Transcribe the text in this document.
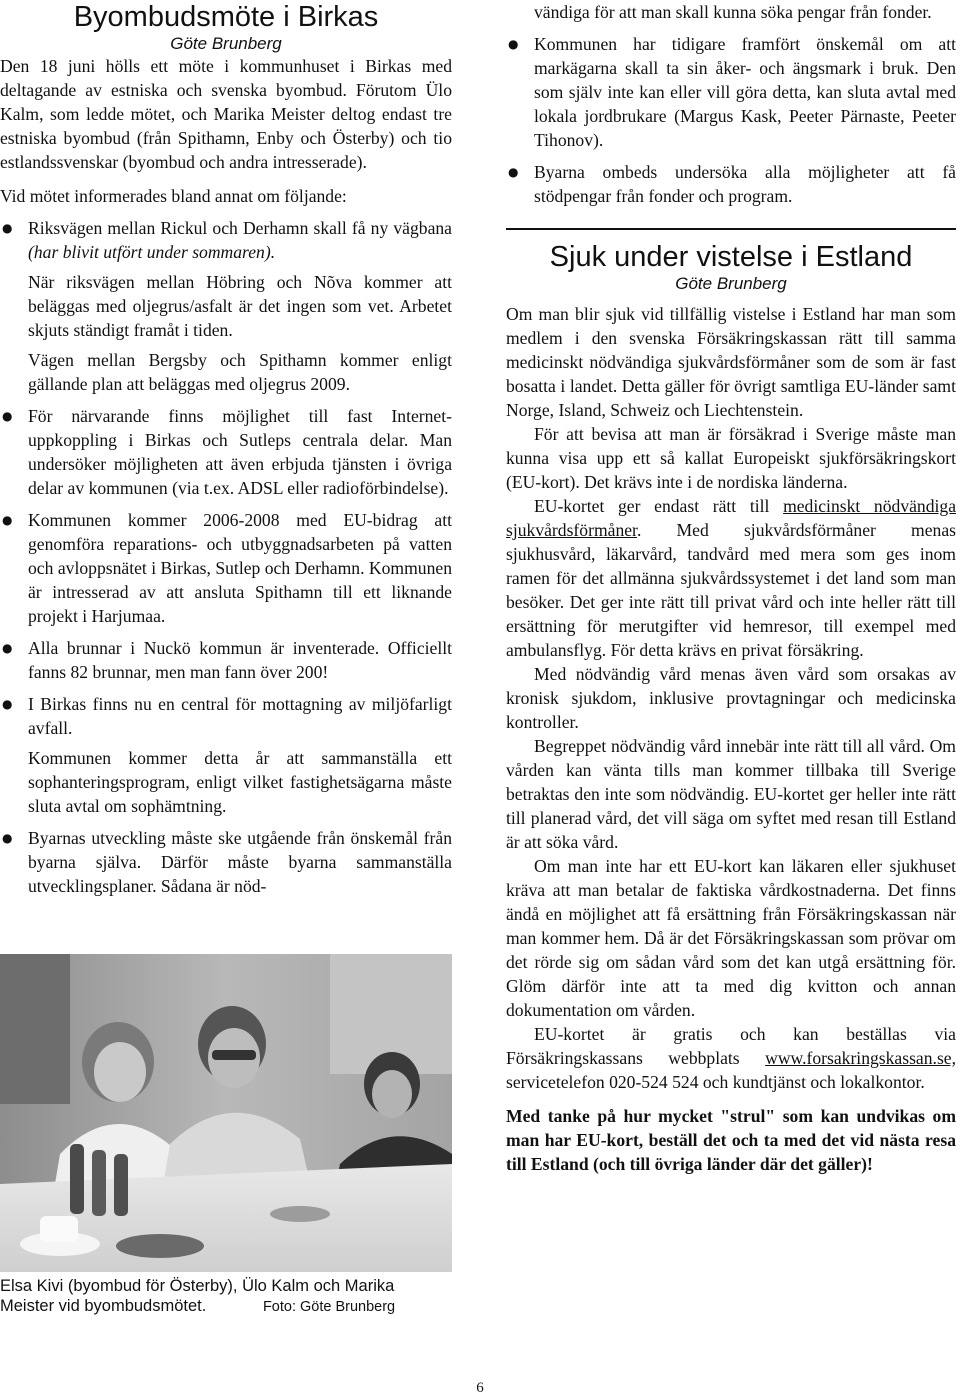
Byombudsmöte i Birkas

Göte Brunberg

Den 18 juni hölls ett möte i kommunhuset i Birkas med deltagande av estniska och svenska byombud. Förutom Ülo Kalm, som ledde mötet, och Marika Meister deltog endast tre estniska byombud (från Spithamn, Enby och Österby) och tio estlandssvenskar (byombud och andra intresserade).

Vid mötet informerades bland annat om följande:

● Riksvägen mellan Rickul och Derhamn skall få ny vägbana (har blivit utfört under sommaren).

När riksvägen mellan Höbring och Nõva kommer att beläggas med oljegrus/asfalt är det ingen som vet. Arbetet skjuts ständigt framåt i tiden.

Vägen mellan Bergsby och Spithamn kommer enligt gällande plan att beläggas med oljegrus 2009.

● För närvarande finns möjlighet till fast Internet-uppkoppling i Birkas och Sutleps centrala delar. Man undersöker möjligheten att även erbjuda tjänsten i övriga delar av kommunen (via t.ex. ADSL eller radioförbindelse).
● Kommunen kommer 2006-2008 med EU-bidrag att genomföra reparations- och utbyggnadsarbeten på vatten och avloppsnätet i Birkas, Sutlep och Derhamn. Kommunen är intresserad av att ansluta Spithamn till ett liknande projekt i Harjumaa.
● Alla brunnar i Nuckö kommun är inventerade. Officiellt fanns 82 brunnar, men man fann över 200!
● I Birkas finns nu en central för mottagning av miljöfarligt avfall.

Kommunen kommer detta år att sammanställa ett sophanteringsprogram, enligt vilket fastighetsägarna måste sluta avtal om sophämtning.

● Byarnas utveckling måste ske utgående från önskemål från byarna själva. Därför måste byarna sammanställa utvecklingsplaner. Sådana är nöd-
Elsa Kivi (byombud för Österby), Ülo Kalm och Marika Meister vid byombudsmötet.	Foto: Göte Brunberg

vändiga för att man skall kunna söka pengar från fonder.

● Kommunen har tidigare framfört önskemål om att markägarna skall ta sin åker- och ängsmark i bruk. Den som själv inte kan eller vill göra detta, kan sluta avtal med lokala jordbrukare (Margus Kask, Peeter Pärnaste, Peeter Tihonov).
● Byarna ombeds undersöka alla möjligheter att få stödpengar från fonder och program.
Sjuk under vistelse i Estland

Göte Brunberg

Om man blir sjuk vid tillfällig vistelse i Estland har man som medlem i den svenska Försäkringskassan rätt till samma medicinskt nödvändiga sjukvårdsförmåner som de som är fast bosatta i landet. Detta gäller för övrigt samtliga EU-länder samt Norge, Island, Schweiz och Liechtenstein.

För att bevisa att man är försäkrad i Sverige måste man kunna visa upp ett så kallat Europeiskt sjukförsäkringskort (EU-kort). Det krävs inte i de nordiska länderna.

EU-kortet ger endast rätt till medicinskt nödvändiga sjukvårdsförmåner. Med sjukvårdsförmåner menas sjukhusvård, läkarvård, tandvård med mera som ges inom ramen för det allmänna sjukvårdssystemet i det land som man besöker. Det ger inte rätt till privat vård och inte heller rätt till ersättning för merutgifter vid hemresor, till exempel med ambulansflyg. För detta krävs en privat försäkring.

Med nödvändig vård menas även vård som orsakas av kronisk sjukdom, inklusive provtagningar och medicinska kontroller.

Begreppet nödvändig vård innebär inte rätt till all vård. Om vården kan vänta tills man kommer tillbaka till Sverige betraktas den inte som nödvändig. EU-kortet ger heller inte rätt till planerad vård, det vill säga om syftet med resan till Estland är att söka vård.

Om man inte har ett EU-kort kan läkaren eller sjukhuset kräva att man betalar de faktiska vårdkostnaderna. Det finns ändå en möjlighet att få ersättning från Försäkringskassan när man kommer hem. Då är det Försäkringskassan som prövar om det rörde sig om sådan vård som det kan utgå ersättning för. Glöm därför inte att ta med dig kvitton och annan dokumentation om vården.

EU-kortet är gratis och kan beställas via Försäkringskassans webbplats www.forsakringskassan.se, servicetelefon 020-524 524 och kundtjänst och lokalkontor.

Med tanke på hur mycket "strul" som kan undvikas om man har EU-kort, beställ det och ta med det vid nästa resa till Estland (och till övriga länder där det gäller)!

6
